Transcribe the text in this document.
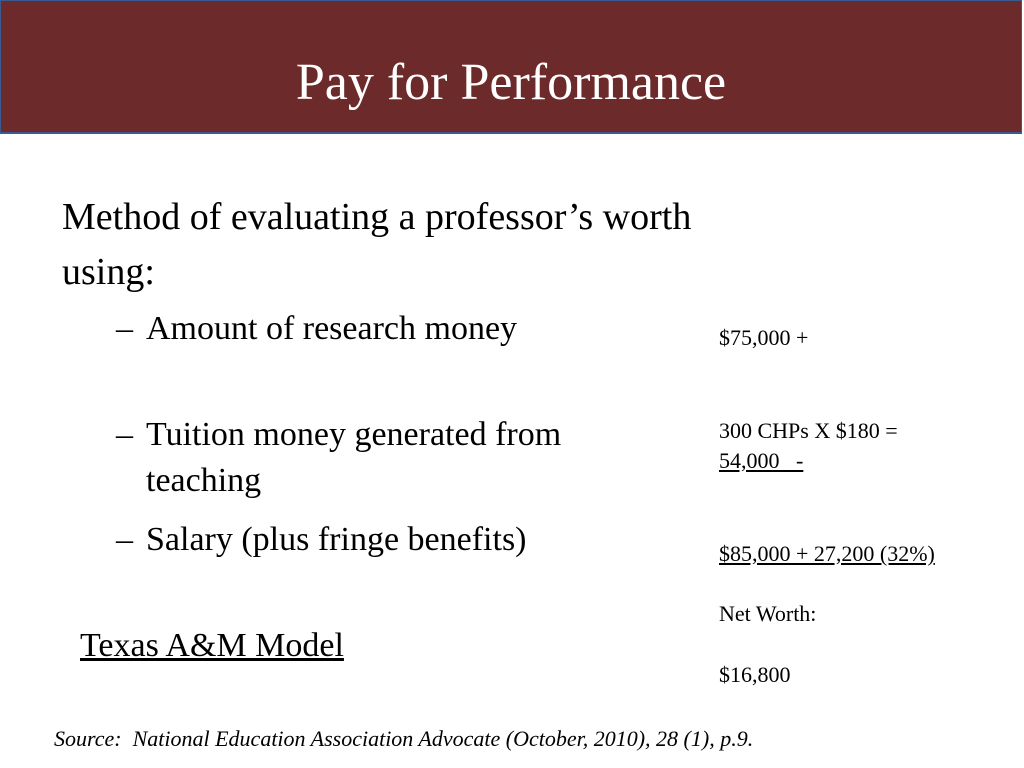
Pay for Performance
Method of evaluating a professor’s worth using:
– Amount of research money
– Tuition money generated from
teaching
– Salary (plus fringe benefits)
Texas A&M Model
$75,000 +
300 CHPs X $180 =
54,000   -
$85,000 + 27,200 (32%)
Net Worth:
$16,800
Source:  National Education Association Advocate (October, 2010), 28 (1), p.9.
